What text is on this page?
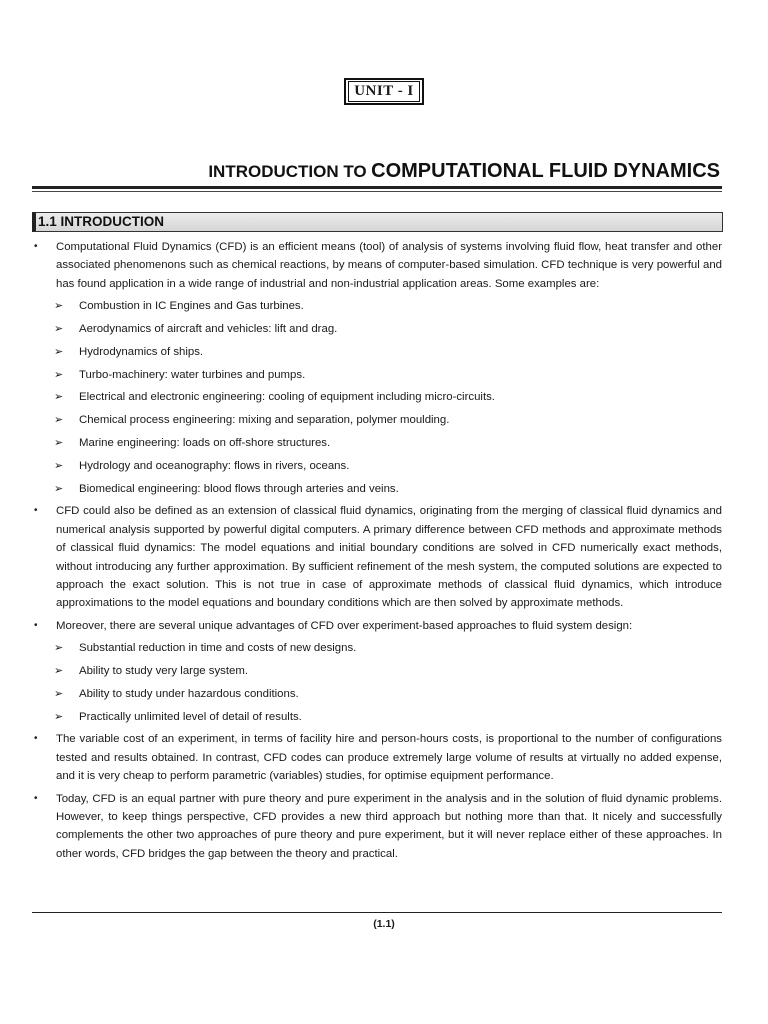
UNIT - I
INTRODUCTION TO COMPUTATIONAL FLUID DYNAMICS
1.1 INTRODUCTION
• Computational Fluid Dynamics (CFD) is an efficient means (tool) of analysis of systems involving fluid flow, heat transfer and other associated phenomenons such as chemical reactions, by means of computer-based simulation. CFD technique is very powerful and has found application in a wide range of industrial and non-industrial application areas. Some examples are:
➢ Combustion in IC Engines and Gas turbines.
➢ Aerodynamics of aircraft and vehicles: lift and drag.
➢ Hydrodynamics of ships.
➢ Turbo-machinery: water turbines and pumps.
➢ Electrical and electronic engineering: cooling of equipment including micro-circuits.
➢ Chemical process engineering: mixing and separation, polymer moulding.
➢ Marine engineering: loads on off-shore structures.
➢ Hydrology and oceanography: flows in rivers, oceans.
➢ Biomedical engineering: blood flows through arteries and veins.
• CFD could also be defined as an extension of classical fluid dynamics, originating from the merging of classical fluid dynamics and numerical analysis supported by powerful digital computers. A primary difference between CFD methods and approximate methods of classical fluid dynamics: The model equations and initial boundary conditions are solved in CFD numerically exact methods, without introducing any further approximation. By sufficient refinement of the mesh system, the computed solutions are expected to approach the exact solution. This is not true in case of approximate methods of classical fluid dynamics, which introduce approximations to the model equations and boundary conditions which are then solved by approximate methods.
• Moreover, there are several unique advantages of CFD over experiment-based approaches to fluid system design:
➢ Substantial reduction in time and costs of new designs.
➢ Ability to study very large system.
➢ Ability to study under hazardous conditions.
➢ Practically unlimited level of detail of results.
• The variable cost of an experiment, in terms of facility hire and person-hours costs, is proportional to the number of configurations tested and results obtained. In contrast, CFD codes can produce extremely large volume of results at virtually no added expense, and it is very cheap to perform parametric (variables) studies, for optimise equipment performance.
• Today, CFD is an equal partner with pure theory and pure experiment in the analysis and in the solution of fluid dynamic problems. However, to keep things perspective, CFD provides a new third approach but nothing more than that. It nicely and successfully complements the other two approaches of pure theory and pure experiment, but it will never replace either of these approaches. In other words, CFD bridges the gap between the theory and practical.
(1.1)
